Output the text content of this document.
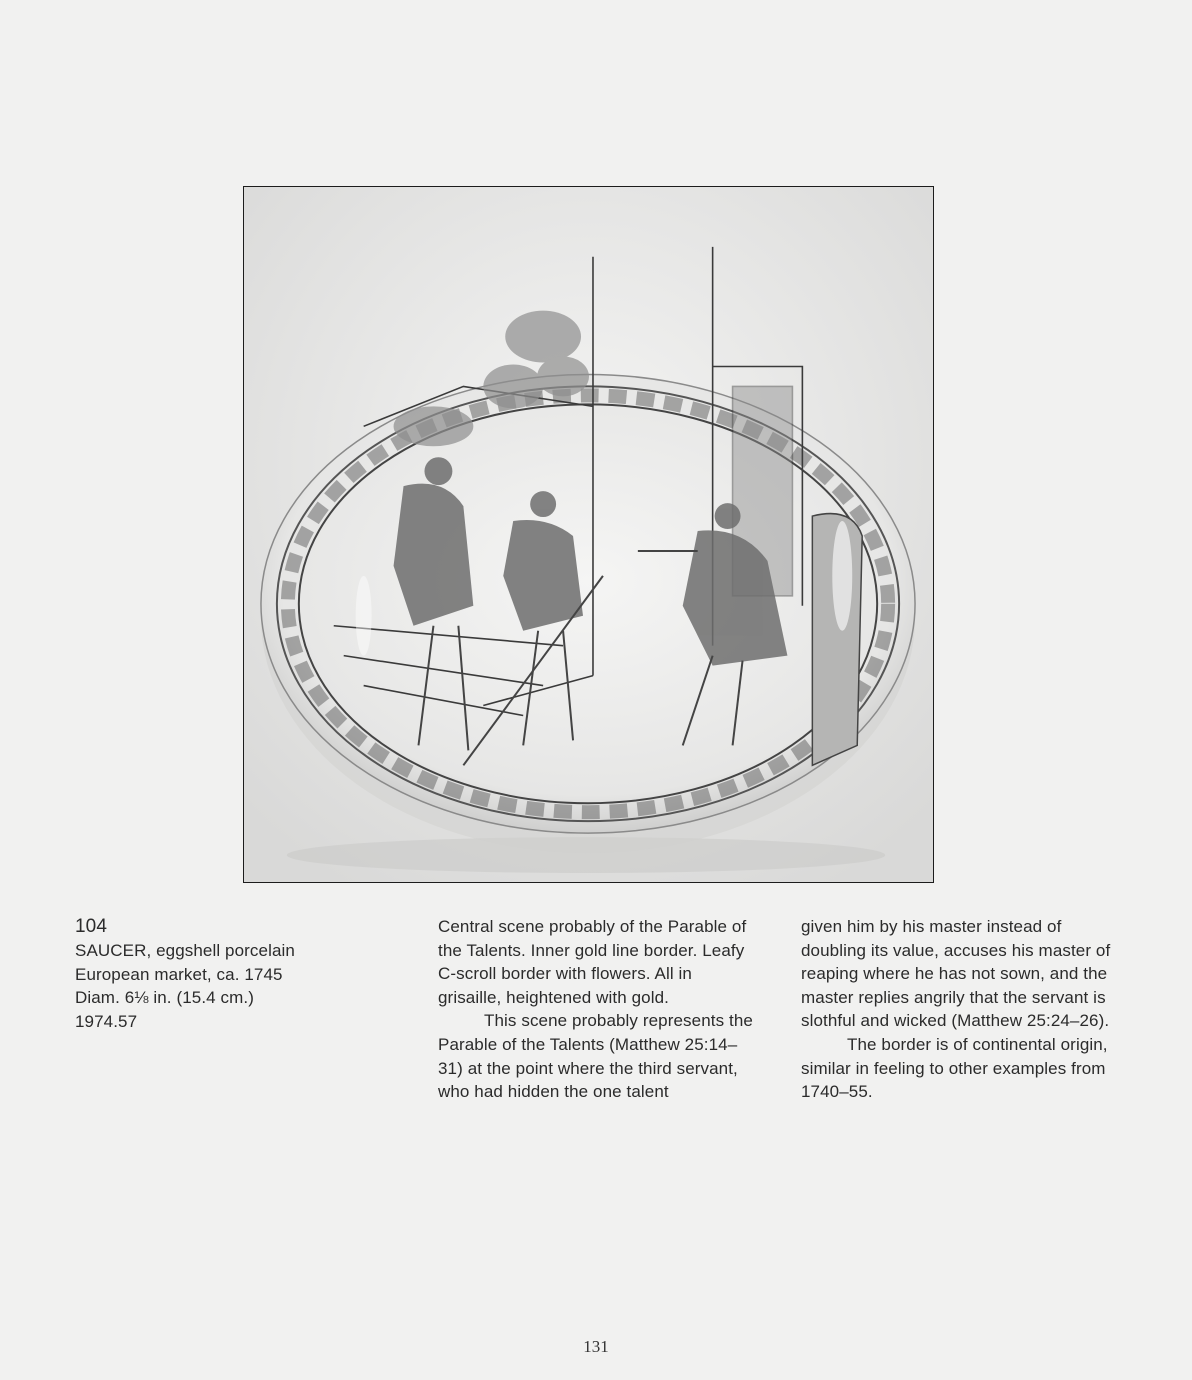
104

SAUCER, eggshell porcelain

European market, ca. 1745

Diam. 6⅛ in. (15.4 cm.)

1974.57

Central scene probably of the Parable of the Talents. Inner gold line border. Leafy C-scroll border with flowers. All in grisaille, heightened with gold.

This scene probably represents the Parable of the Talents (Matthew 25:14–31) at the point where the third servant, who had hidden the one talent

given him by his master instead of doubling its value, accuses his master of reaping where he has not sown, and the master replies angrily that the servant is slothful and wicked (Matthew 25:24–26).

The border is of continental origin, similar in feeling to other examples from 1740–55.

131
